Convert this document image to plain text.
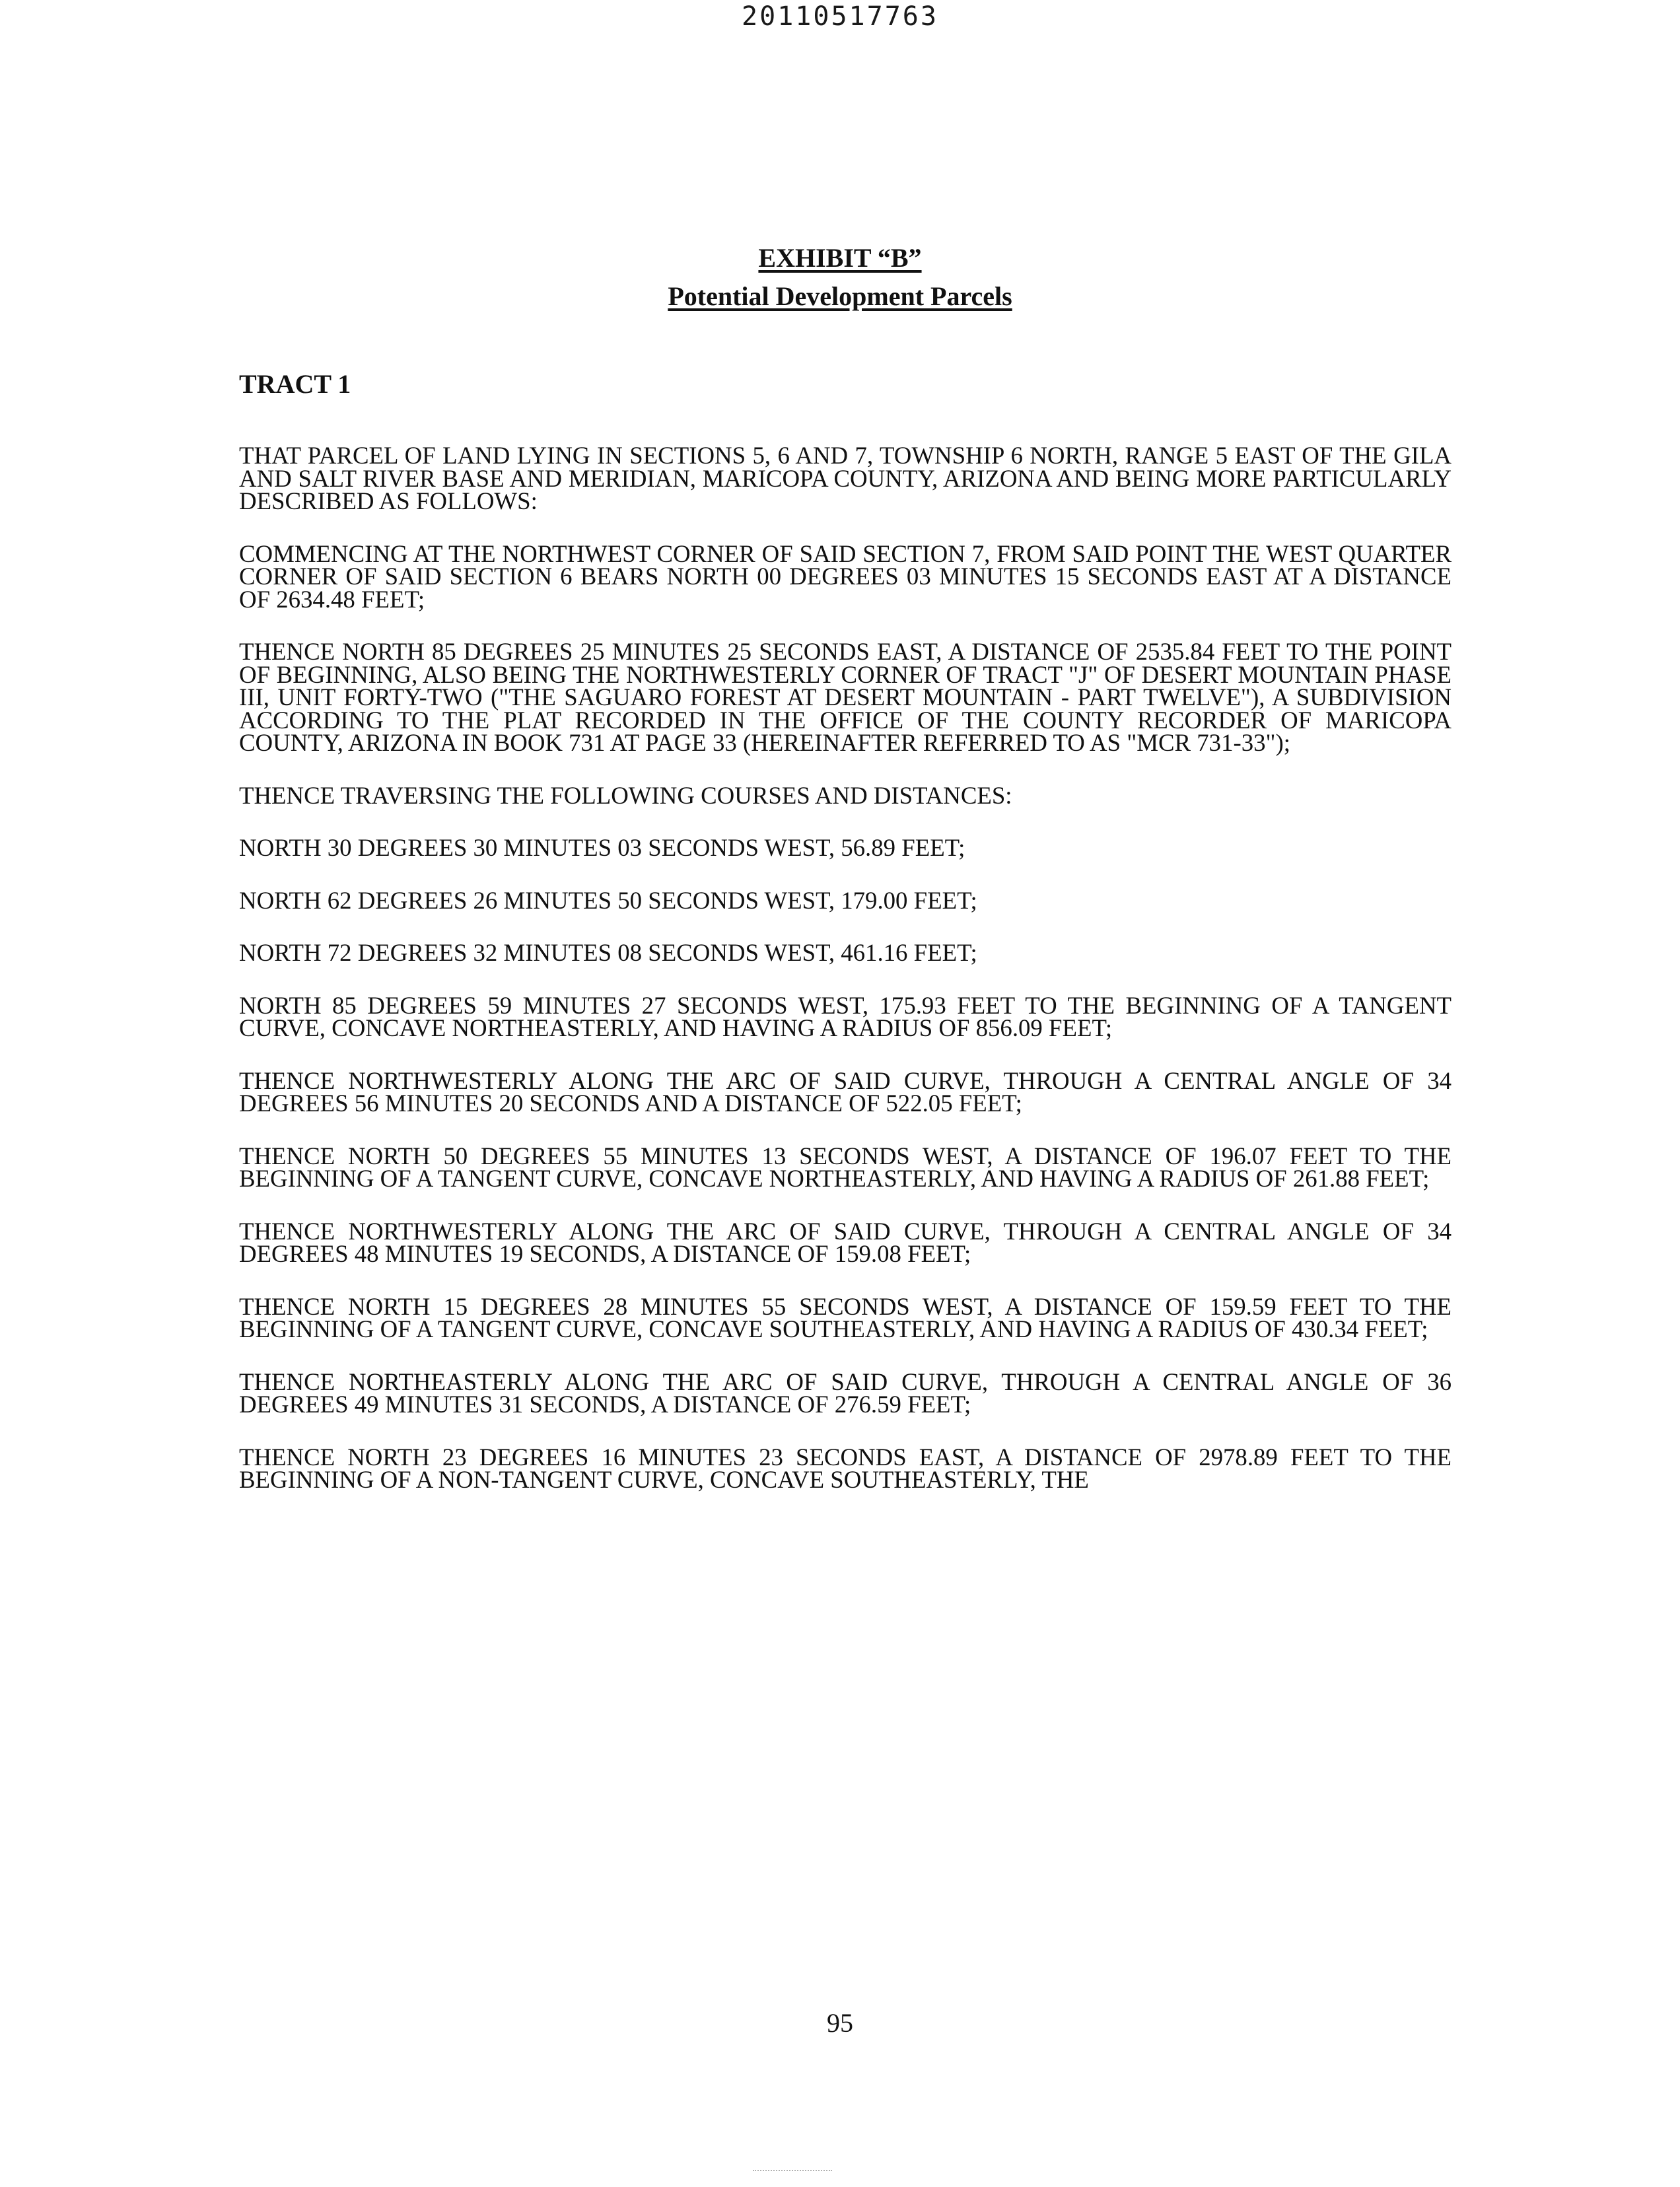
20110517763
EXHIBIT “B”
Potential Development Parcels
TRACT 1

THAT PARCEL OF LAND LYING IN SECTIONS 5, 6 AND 7, TOWNSHIP 6 NORTH, RANGE 5 EAST OF THE GILA AND SALT RIVER BASE AND MERIDIAN, MARICOPA COUNTY, ARIZONA AND BEING MORE PARTICULARLY DESCRIBED AS FOLLOWS:

COMMENCING AT THE NORTHWEST CORNER OF SAID SECTION 7, FROM SAID POINT THE WEST QUARTER CORNER OF SAID SECTION 6 BEARS NORTH 00 DEGREES 03 MINUTES 15 SECONDS EAST AT A DISTANCE OF 2634.48 FEET;

THENCE NORTH 85 DEGREES 25 MINUTES 25 SECONDS EAST, A DISTANCE OF 2535.84 FEET TO THE POINT OF BEGINNING, ALSO BEING THE NORTHWESTERLY CORNER OF TRACT "J" OF DESERT MOUNTAIN PHASE III, UNIT FORTY-TWO ("THE SAGUARO FOREST AT DESERT MOUNTAIN - PART TWELVE"), A SUBDIVISION ACCORDING TO THE PLAT RECORDED IN THE OFFICE OF THE COUNTY RECORDER OF MARICOPA COUNTY, ARIZONA IN BOOK 731 AT PAGE 33 (HEREINAFTER REFERRED TO AS "MCR 731-33");

THENCE TRAVERSING THE FOLLOWING COURSES AND DISTANCES:

NORTH 30 DEGREES 30 MINUTES 03 SECONDS WEST, 56.89 FEET;

NORTH 62 DEGREES 26 MINUTES 50 SECONDS WEST, 179.00 FEET;

NORTH 72 DEGREES 32 MINUTES 08 SECONDS WEST, 461.16 FEET;

NORTH 85 DEGREES 59 MINUTES 27 SECONDS WEST, 175.93 FEET TO THE BEGINNING OF A TANGENT CURVE, CONCAVE NORTHEASTERLY, AND HAVING A RADIUS OF 856.09 FEET;

THENCE NORTHWESTERLY ALONG THE ARC OF SAID CURVE, THROUGH A CENTRAL ANGLE OF 34 DEGREES 56 MINUTES 20 SECONDS AND A DISTANCE OF 522.05 FEET;

THENCE NORTH 50 DEGREES 55 MINUTES 13 SECONDS WEST, A DISTANCE OF 196.07 FEET TO THE BEGINNING OF A TANGENT CURVE, CONCAVE NORTHEASTERLY, AND HAVING A RADIUS OF 261.88 FEET;

THENCE NORTHWESTERLY ALONG THE ARC OF SAID CURVE, THROUGH A CENTRAL ANGLE OF 34 DEGREES 48 MINUTES 19 SECONDS, A DISTANCE OF 159.08 FEET;

THENCE NORTH 15 DEGREES 28 MINUTES 55 SECONDS WEST, A DISTANCE OF 159.59 FEET TO THE BEGINNING OF A TANGENT CURVE, CONCAVE SOUTHEASTERLY, AND HAVING A RADIUS OF 430.34 FEET;

THENCE NORTHEASTERLY ALONG THE ARC OF SAID CURVE, THROUGH A CENTRAL ANGLE OF 36 DEGREES 49 MINUTES 31 SECONDS, A DISTANCE OF 276.59 FEET;

THENCE NORTH 23 DEGREES 16 MINUTES 23 SECONDS EAST, A DISTANCE OF 2978.89 FEET TO THE BEGINNING OF A NON-TANGENT CURVE, CONCAVE SOUTHEASTERLY, THE

95
